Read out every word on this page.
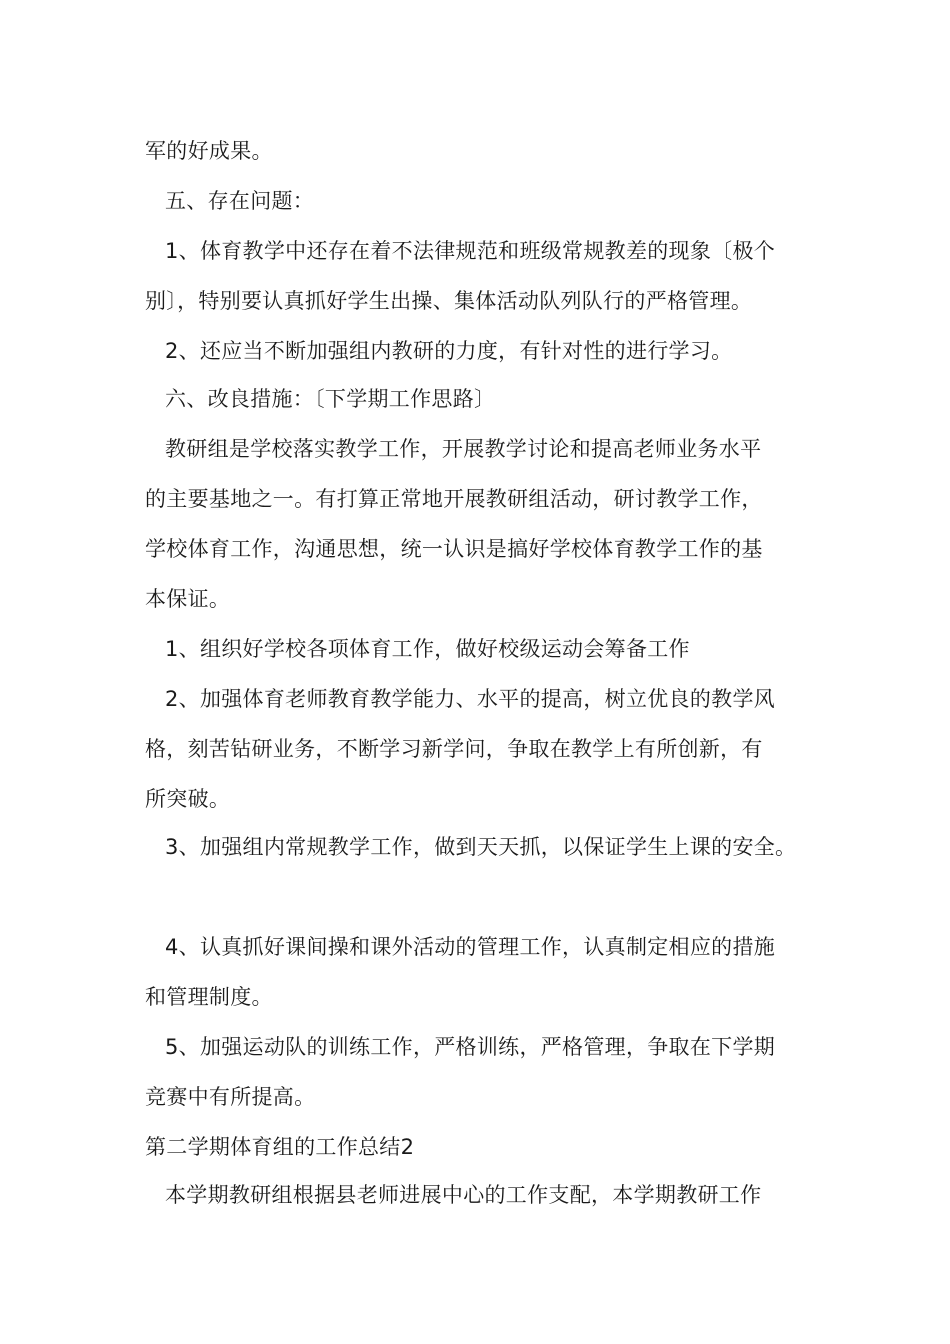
军的好成果。
五、存在问题：
1、体育教学中还存在着不法律规范和班级常规教差的现象〔极个
别〕，特别要认真抓好学生出操、集体活动队列队行的严格管理。
2、还应当不断加强组内教研的力度，有针对性的进行学习。
六、改良措施：〔下学期工作思路〕
教研组是学校落实教学工作，开展教学讨论和提高老师业务水平
的主要基地之一。有打算正常地开展教研组活动，研讨教学工作，
学校体育工作，沟通思想，统一认识是搞好学校体育教学工作的基
本保证。
1、组织好学校各项体育工作，做好校级运动会筹备工作
2、加强体育老师教育教学能力、水平的提高，树立优良的教学风
格，刻苦钻研业务，不断学习新学问，争取在教学上有所创新，有
所突破。
3、加强组内常规教学工作，做到天天抓，以保证学生上课的安全。
4、认真抓好课间操和课外活动的管理工作，认真制定相应的措施
和管理制度。
5、加强运动队的训练工作，严格训练，严格管理，争取在下学期
竞赛中有所提高。
第二学期体育组的工作总结2
本学期教研组根据县老师进展中心的工作支配，本学期教研工作
